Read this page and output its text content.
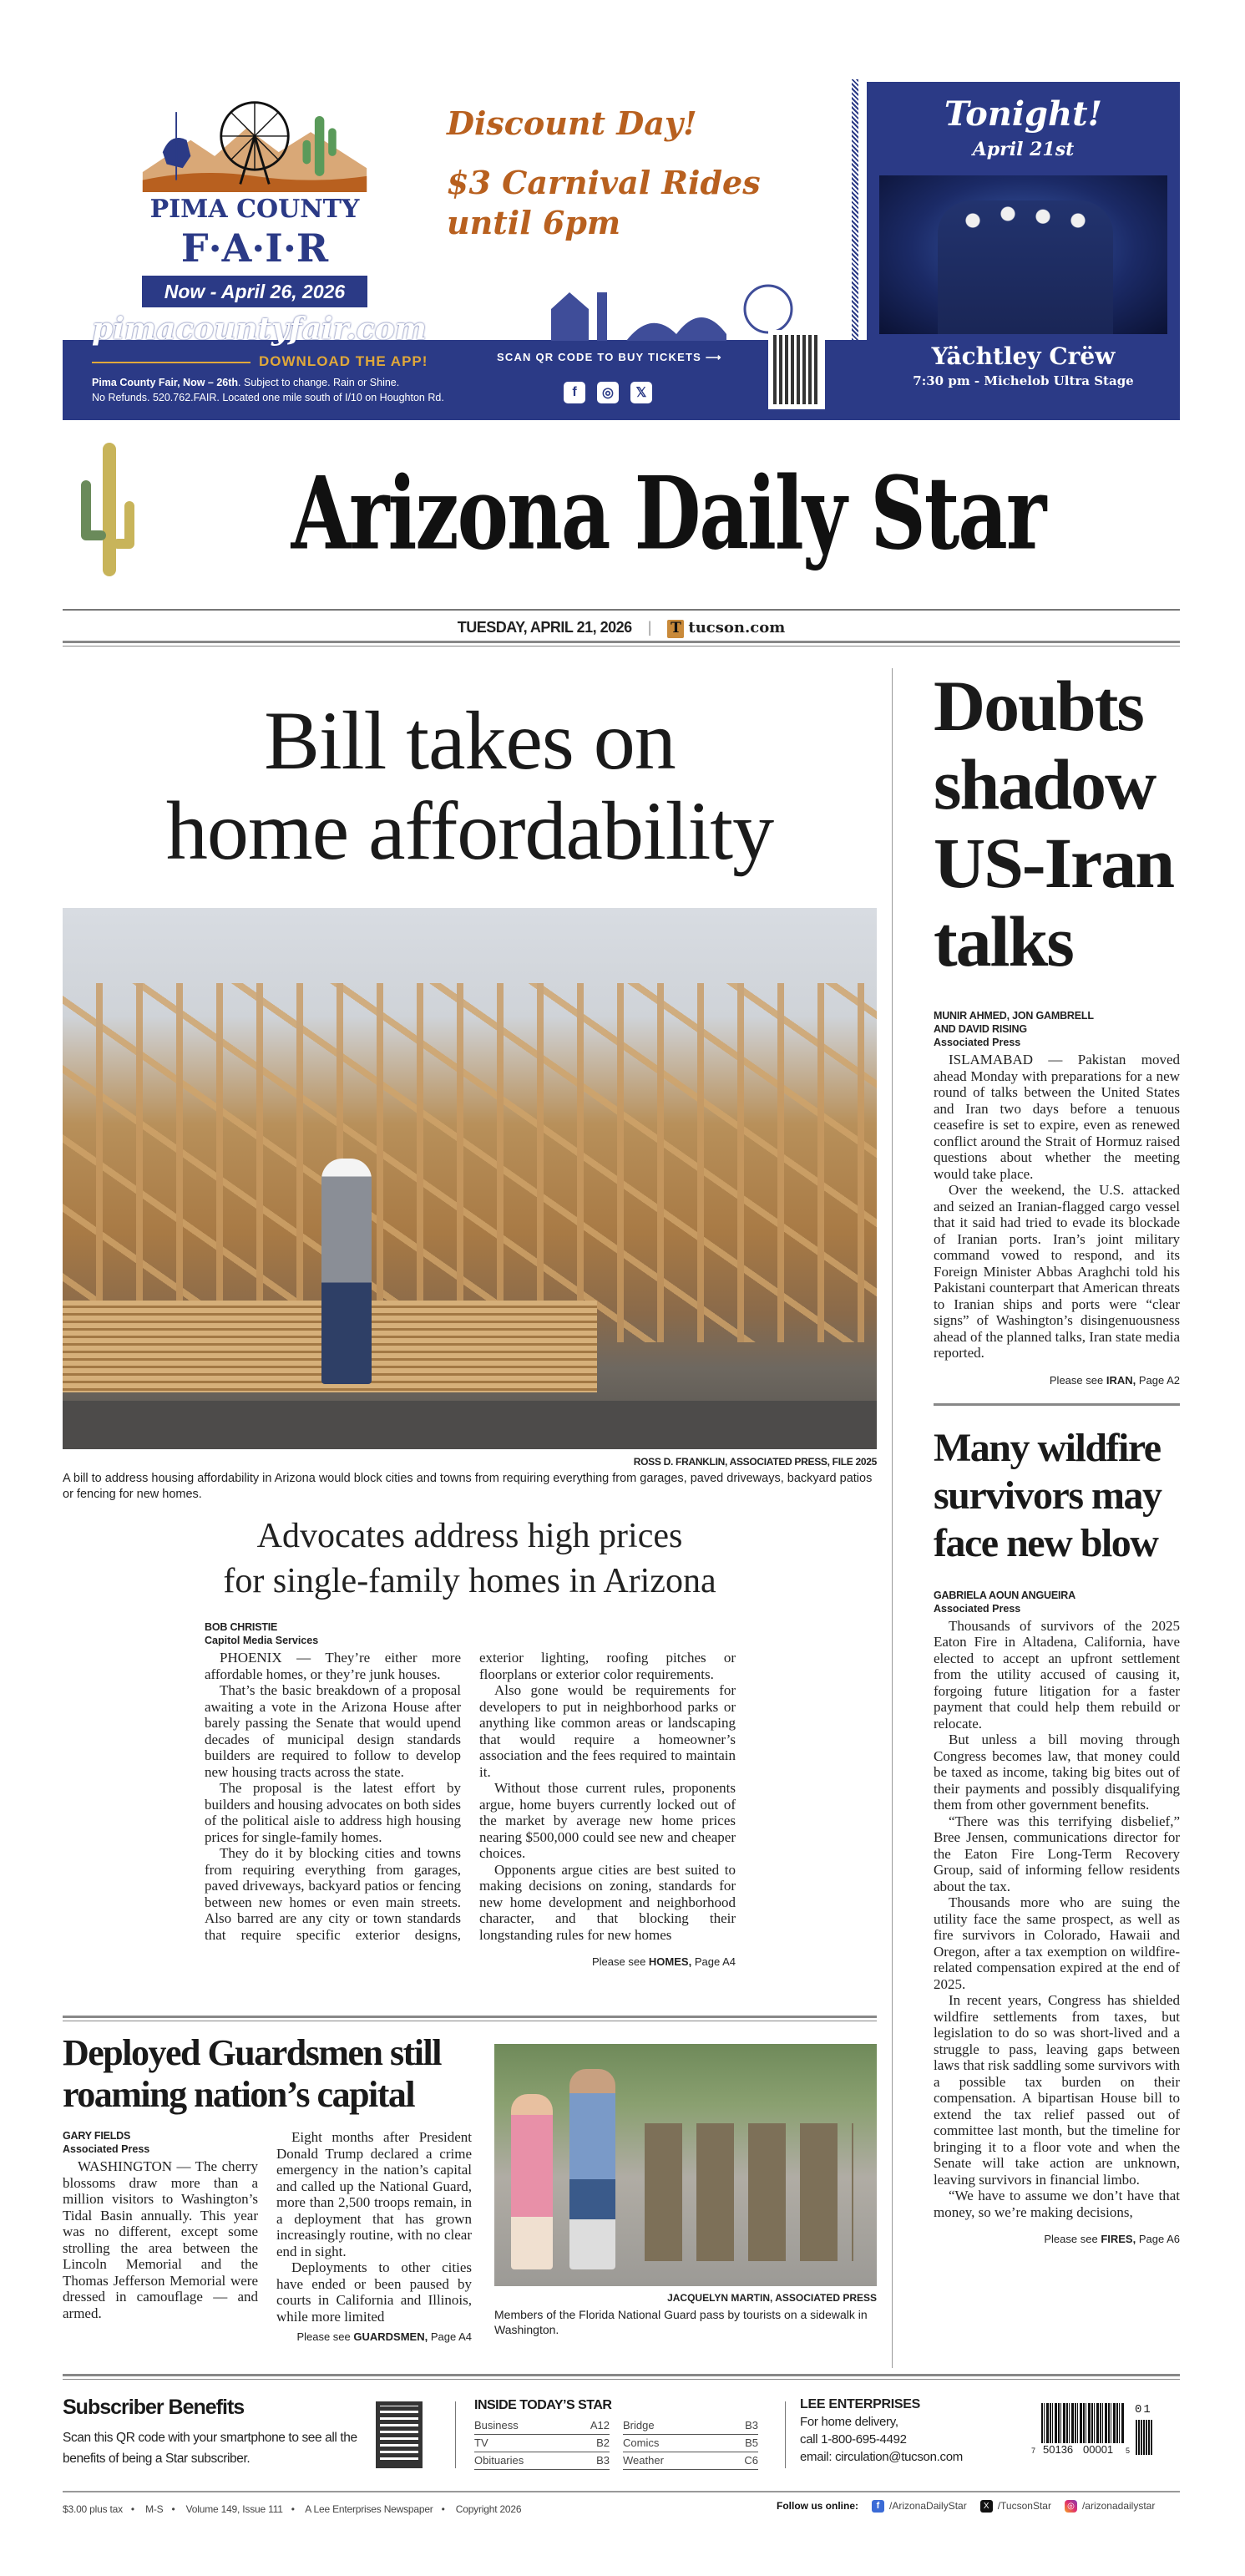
PIMA COUNTY
F·A·I·R
Now - April 26, 2026
Discount Day!
$3 Carnival Rides until 6pm
pimacountyfair.com
DOWNLOAD THE APP!
Pima County Fair, Now – 26th. Subject to change. Rain or Shine.
No Refunds. 520.762.FAIR. Located one mile south of I/10 on Houghton Rd.
SCAN QR CODE TO BUY TICKETS ⟶
f	◎	𝕏
Tonight!
April 21st
Yächtley Crëw
7:30 pm - Michelob Ultra Stage
Arizona Daily Star
TUESDAY, APRIL 21, 2026 | T tucson.com
Bill takes on
home affordability
ROSS D. FRANKLIN, ASSOCIATED PRESS, FILE 2025
A bill to address housing affordability in Arizona would block cities and towns from requiring everything from garages, paved driveways, backyard patios or fencing for new homes.
Advocates address high prices
for single-family homes in Arizona
BOB CHRISTIE
Capitol Media Services

PHOENIX — They’re either more affordable homes, or they’re junk houses.

That’s the basic breakdown of a proposal awaiting a vote in the Arizona House after barely passing the Senate that would upend decades of municipal design standards builders are required to follow to develop new housing tracts across the state.

The proposal is the latest effort by builders and housing advocates on both sides of the political aisle to address high housing prices for single-family homes.

They do it by blocking cities and towns from requiring everything from garages, paved driveways, backyard patios or fencing between new homes or even main streets. Also barred are any city or town standards that require specific exterior designs, exterior lighting, roofing pitches or floorplans or exterior color requirements.

Also gone would be requirements for developers to put in neighborhood parks or anything like common areas or landscaping that would require a homeowner’s association and the fees required to maintain it.

Without those current rules, proponents argue, home buyers currently locked out of the market by average new home prices nearing $500,000 could see new and cheaper choices.

Opponents argue cities are best suited to making decisions on zoning, standards for new home development and neighborhood character, and that blocking their longstanding rules for new homes

Please see HOMES, Page A4
Deployed Guardsmen still roaming nation’s capital
GARY FIELDS
Associated Press

WASHINGTON — The cherry blossoms draw more than a million visitors to Washington’s Tidal Basin annually. This year was no different, except some strolling the area between the Lincoln Memorial and the Thomas Jefferson Memorial were dressed in camouflage — and armed.

Eight months after President Donald Trump declared a crime emergency in the nation’s capital and called up the National Guard, more than 2,500 troops remain, in a deployment that has grown increasingly routine, with no clear end in sight.

Deployments to other cities have ended or been paused by courts in California and Illinois, while more limited

Please see GUARDSMEN, Page A4
JACQUELYN MARTIN, ASSOCIATED PRESS
Members of the Florida National Guard pass by tourists on a sidewalk in Washington.
Doubts shadow US-Iran talks
MUNIR AHMED, JON GAMBRELL
AND DAVID RISING
Associated Press

ISLAMABAD — Pakistan moved ahead Monday with preparations for a new round of talks between the United States and Iran two days before a tenuous ceasefire is set to expire, even as renewed conflict around the Strait of Hormuz raised questions about whether the meeting would take place.

Over the weekend, the U.S. attacked and seized an Iranian-flagged cargo vessel that it said had tried to evade its blockade of Iranian ports. Iran’s joint military command vowed to respond, and its Foreign Minister Abbas Araghchi told his Pakistani counterpart that American threats to Iranian ships and ports were “clear signs” of Washington’s disingenuousness ahead of the planned talks, Iran state media reported.

Please see IRAN, Page A2
Many wildfire survivors may face new blow
GABRIELA AOUN ANGUEIRA
Associated Press

Thousands of survivors of the 2025 Eaton Fire in Altadena, California, have elected to accept an upfront settlement from the utility accused of causing it, forgoing future litigation for a faster payment that could help them rebuild or relocate.

But unless a bill moving through Congress becomes law, that money could be taxed as income, taking big bites out of their payments and possibly disqualifying them from other government benefits.

“There was this terrifying disbelief,” Bree Jensen, communications director for the Eaton Fire Long-Term Recovery Group, said of informing fellow residents about the tax.

Thousands more who are suing the utility face the same prospect, as well as fire survivors in Colorado, Hawaii and Oregon, after a tax exemption on wildfire-related compensation expired at the end of 2025.

In recent years, Congress has shielded wildfire settlements from taxes, but legislation to do so was short-lived and a struggle to pass, leaving gaps between laws that risk saddling some survivors with a possible tax burden on their compensation. A bipartisan House bill to extend the tax relief passed out of committee last month, but the timeline for bringing it to a floor vote and when the Senate will take action are unknown, leaving survivors in financial limbo.

“We have to assume we don’t have that money, so we’re making decisions,

Please see FIRES, Page A6
Subscriber Benefits
Scan this QR code with your smartphone to see all the benefits of being a Star subscriber.
INSIDE TODAY’S STAR
Business	A12
TV	B2
Obituaries	B3
Bridge	B3
Comics	B5
Weather	C6
LEE ENTERPRISES
For home delivery,
call 1-800-695-4492
email: circulation@tucson.com
01
7 50136 00001 5
$3.00 plus tax • M-S • Volume 149, Issue 111 • A Lee Enterprises Newspaper • Copyright 2026	Follow us online:	f /ArizonaDailyStar	X /TucsonStar	◎ /arizonadailystar
